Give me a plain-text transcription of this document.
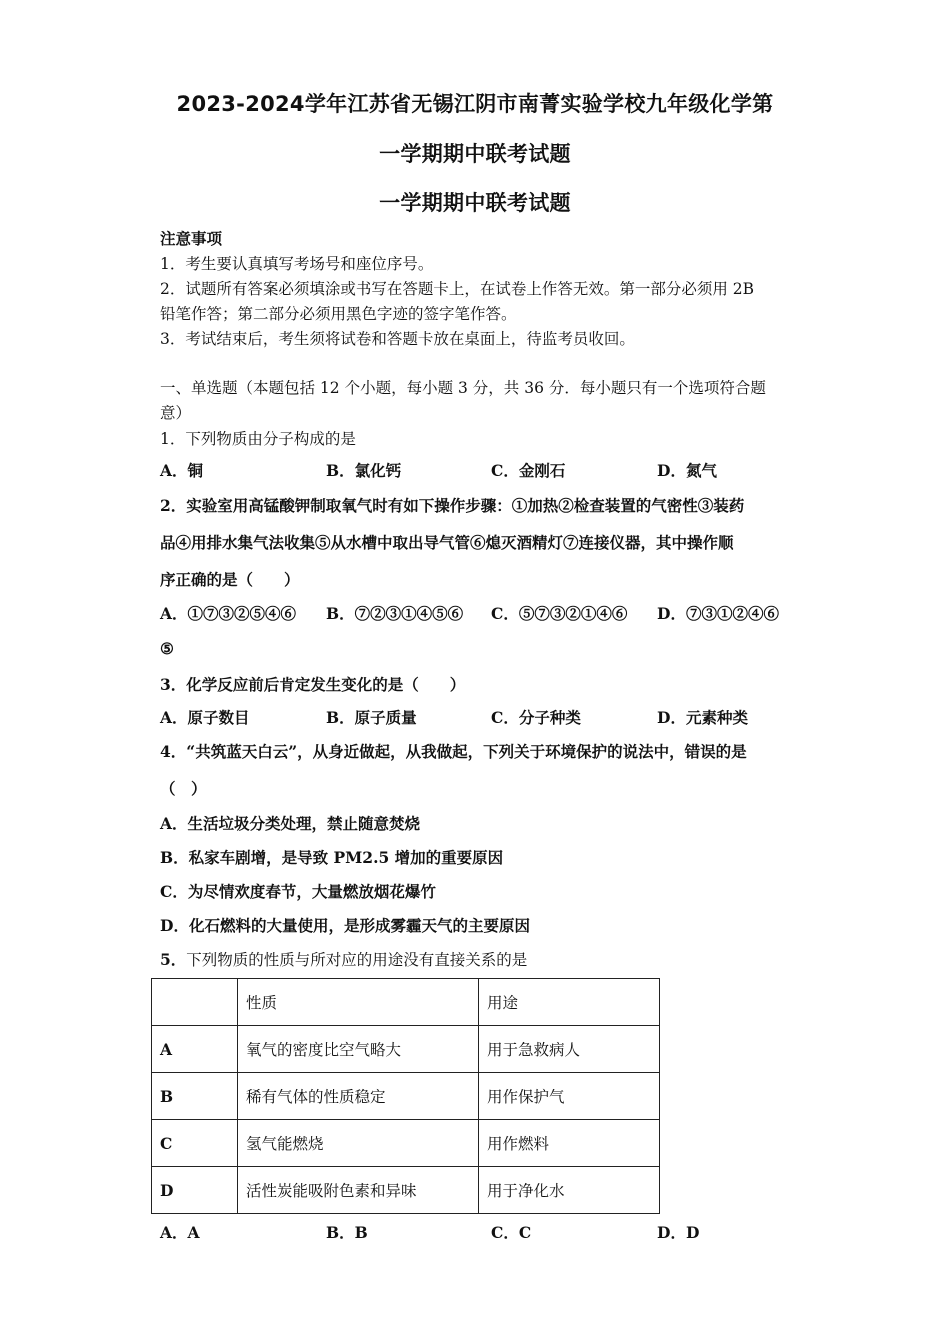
2023-2024学年江苏省无锡江阴市南菁实验学校九年级化学第
一学期期中联考试题
一学期期中联考试题
注意事项
1．考生要认真填写考场号和座位序号。
2．试题所有答案必须填涂或书写在答题卡上，在试卷上作答无效。第一部分必须用 2B
铅笔作答；第二部分必须用黑色字迹的签字笔作答。
3．考试结束后，考生须将试卷和答题卡放在桌面上，待监考员收回。
一、单选题（本题包括 12 个小题，每小题 3 分，共 36 分．每小题只有一个选项符合题
意）
1．下列物质由分子构成的是
A．铜	B．氯化钙	C．金刚石	D．氮气
2．实验室用高锰酸钾制取氧气时有如下操作步骤：①加热②检查装置的气密性③装药
品④用排水集气法收集⑤从水槽中取出导气管⑥熄灭酒精灯⑦连接仪器，其中操作顺
序正确的是（　　）
A．①⑦③②⑤④⑥ B．⑦②③①④⑤⑥ C．⑤⑦③②①④⑥ D．⑦③①②④⑥
⑤
3．化学反应前后肯定发生变化的是（　　）
A．原子数目	B．原子质量	C．分子种类	D．元素种类
4．“共筑蓝天白云”，从身近做起，从我做起，下列关于环境保护的说法中，错误的是
（　）
A．生活垃圾分类处理，禁止随意焚烧
B．私家车剧增，是导致 PM2.5 增加的重要原因
C．为尽情欢度春节，大量燃放烟花爆竹
D．化石燃料的大量使用，是形成雾霾天气的主要原因
5．下列物质的性质与所对应的用途没有直接关系的是
	性质	用途
A	氧气的密度比空气略大	用于急救病人
B	稀有气体的性质稳定	用作保护气
C	氢气能燃烧	用作燃料
D	活性炭能吸附色素和异味	用于净化水
A．A	B．B	C．C	D．D
